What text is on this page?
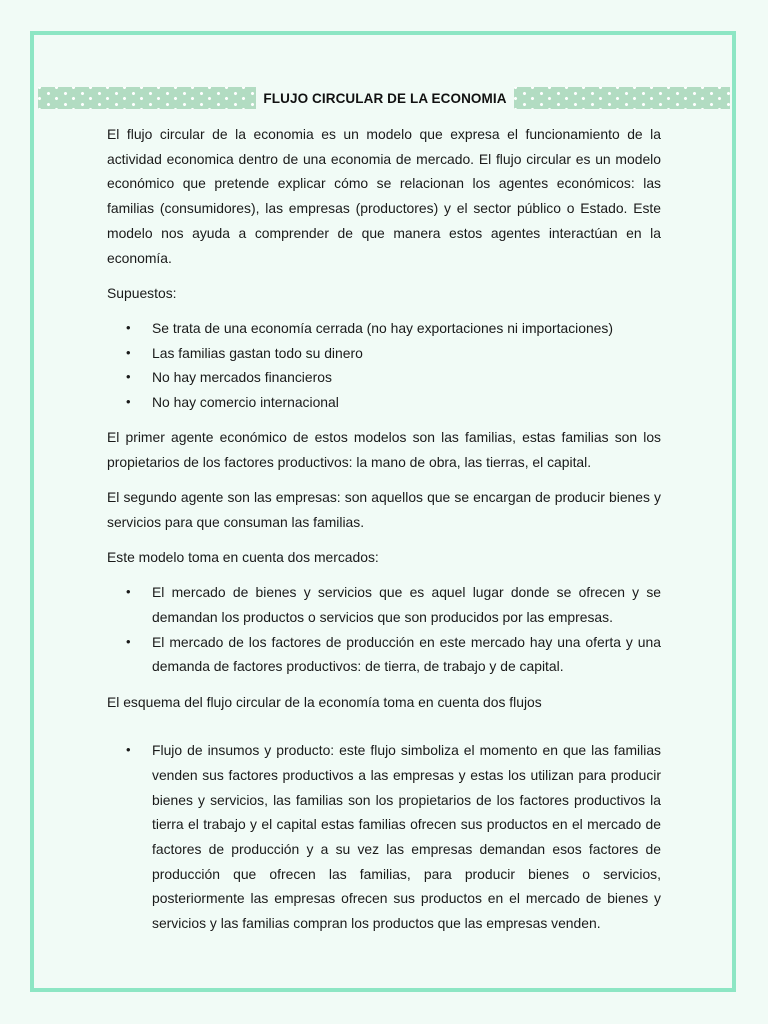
FLUJO CIRCULAR DE LA ECONOMIA

El flujo circular de la economia es un modelo que expresa el funcionamiento de la actividad economica dentro de una economia de mercado. El flujo circular es un modelo económico que pretende explicar cómo se relacionan los agentes económicos: las familias (consumidores), las empresas (productores) y el sector público o Estado. Este modelo nos ayuda a comprender de que manera estos agentes interactúan en la economía.

Supuestos:

• Se trata de una economía cerrada (no hay exportaciones ni importaciones)
• Las familias gastan todo su dinero
• No hay mercados financieros
• No hay comercio internacional

El primer agente económico de estos modelos son las familias, estas familias son los propietarios de los factores productivos: la mano de obra, las tierras, el capital.

El segundo agente son las empresas: son aquellos que se encargan de producir bienes y servicios para que consuman las familias.

Este modelo toma en cuenta dos mercados:

• El mercado de bienes y servicios que es aquel lugar donde se ofrecen y se demandan los productos o servicios que son producidos por las empresas.
• El mercado de los factores de producción en este mercado hay una oferta y una demanda de factores productivos: de tierra, de trabajo y de capital.

El esquema del flujo circular de la economía toma en cuenta dos flujos

• Flujo de insumos y producto: este flujo simboliza el momento en que las familias venden sus factores productivos a las empresas y estas los utilizan para producir bienes y servicios, las familias son los propietarios de los factores productivos la tierra el trabajo y el capital estas familias ofrecen sus productos en el mercado de factores de producción y a su vez las empresas demandan esos factores de producción que ofrecen las familias, para producir bienes o servicios, posteriormente las empresas ofrecen sus productos en el mercado de bienes y servicios y las familias compran los productos que las empresas venden.
